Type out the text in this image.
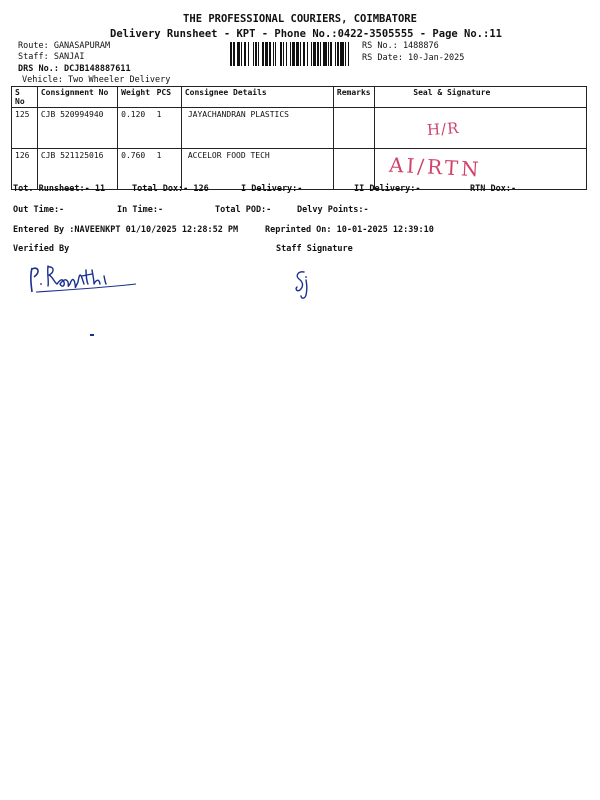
THE PROFESSIONAL COURIERS, COIMBATORE
Delivery Runsheet - KPT - Phone No.:0422-3505555 - Page No.:11
Route: GANASAPURAM
Staff: SANJAI
DRS No.: DCJB148887611
Vehicle: Two Wheeler Delivery
RS No.: 1488876
RS Date: 10-Jan-2025
S No	Consignment No	Weight	PCS	Consignee Details	Remarks	Seal & Signature
125	CJB 520994940	0.120	1	JAYACHANDRAN PLASTICS		H/R

126	CJB 521125016	0.760	1	ACCELOR FOOD TECH		AI/RTN
Tot. Runsheet:- 11	Total Dox:- 126	I Delivery:-	II Delivery:-	RTN Dox:-
Out Time:-	In Time:-	Total POD:-	Delvy Points:-
Entered By :NAVEENKPT 01/10/2025 12:28:52 PM	Reprinted On: 10-01-2025 12:39:10
Verified By	Staff Signature
